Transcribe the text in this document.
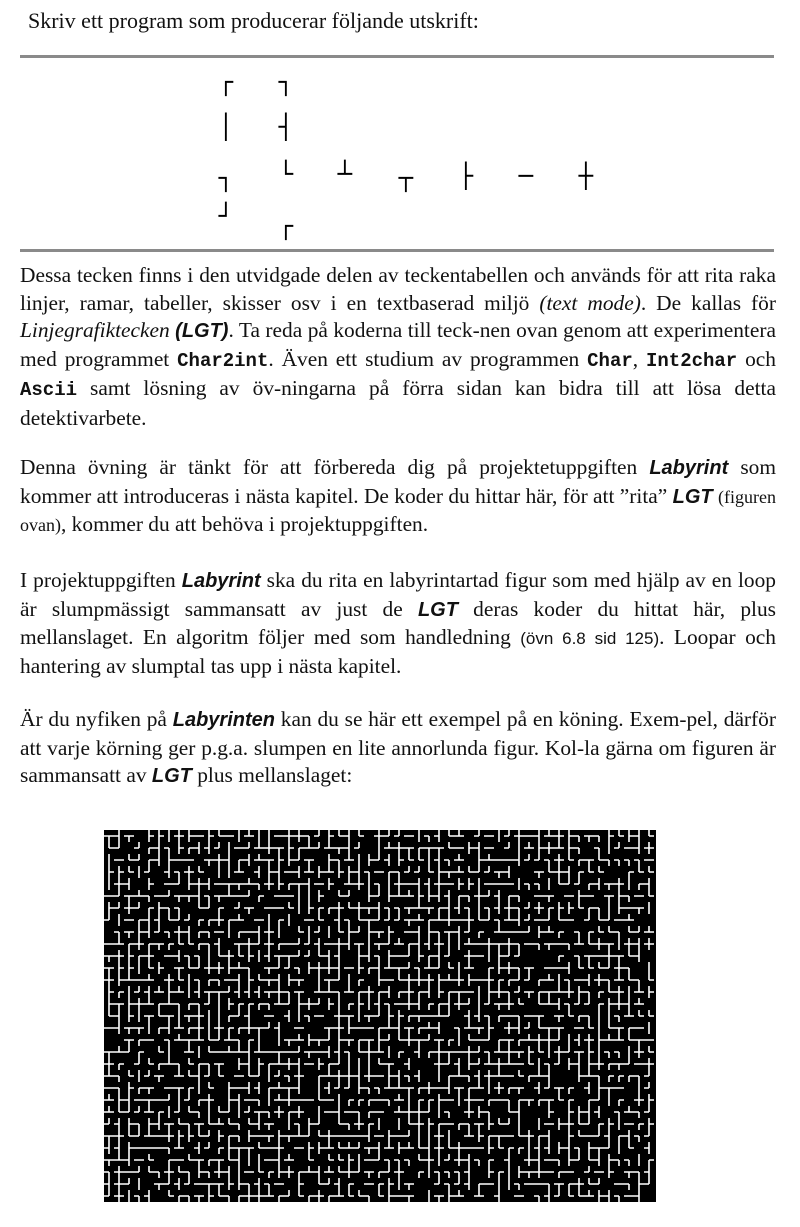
Skriv ett program som producerar följande utskrift:

┌	┐
│	┤
┐	└	┴	┬	├	─	┼
┘	┌

Dessa tecken finns i den utvidgade delen av teckentabellen och används för att rita raka linjer, ramar, tabeller, skisser osv i en textbaserad miljö (text mode). De kallas för Linjegrafiktecken (LGT). Ta reda på koderna till teck-nen ovan genom att experimentera med programmet Char2int. Även ett studium av programmen Char, Int2char och Ascii samt lösning av öv-ningarna på förra sidan kan bidra till att lösa detta detektivarbete.

Denna övning är tänkt för att förbereda dig på projektetuppgiften Labyrint som kommer att introduceras i nästa kapitel. De koder du hittar här, för att ”rita” LGT (figuren ovan), kommer du att behöva i projektuppgiften.

I projektuppgiften Labyrint ska du rita en labyrintartad figur som med hjälp av en loop är slumpmässigt sammansatt av just de LGT deras koder du hittat här, plus mellanslaget. En algoritm följer med som handledning (övn 6.8 sid 125). Loopar och hantering av slumptal tas upp i nästa kapitel.

Är du nyfiken på Labyrinten kan du se här ett exempel på en köning. Exem-pel, därför att varje körning ger p.g.a. slumpen en lite annorlunda figur. Kol-la gärna om figuren är sammansatt av LGT plus mellanslaget:
